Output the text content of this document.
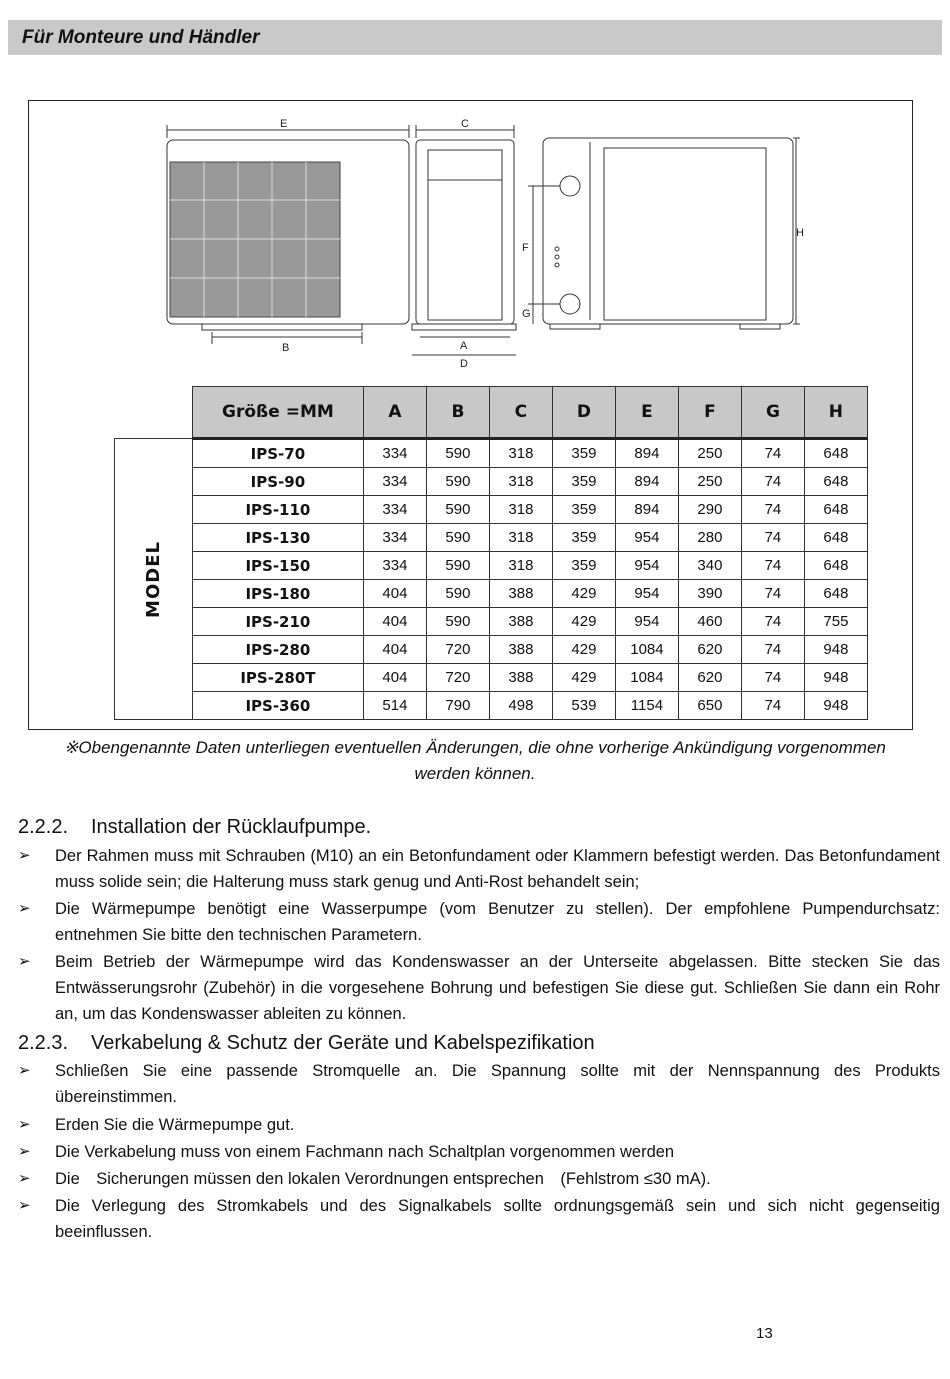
Für Monteure und Händler
E	C
B	A
D
F
G
H
	Größe =MM	A	B	C	D	E	F	G	H
MODEL	IPS-70	334	590	318	359	894	250	74	648
	IPS-90	334	590	318	359	894	250	74	648
	IPS-110	334	590	318	359	894	290	74	648
	IPS-130	334	590	318	359	954	280	74	648
	IPS-150	334	590	318	359	954	340	74	648
	IPS-180	404	590	388	429	954	390	74	648
	IPS-210	404	590	388	429	954	460	74	755
	IPS-280	404	720	388	429	1084	620	74	948
	IPS-280T	404	720	388	429	1084	620	74	948
	IPS-360	514	790	498	539	1154	650	74	948
※Obengenannte Daten unterliegen eventuellen Änderungen, die ohne vorherige Ankündigung vorgenommen
werden können.
2.2.2. Installation der Rücklaufpumpe.
➢	Der Rahmen muss mit Schrauben (M10) an ein Betonfundament oder Klammern befestigt werden. Das Betonfundament muss solide sein; die Halterung muss stark genug und Anti-Rost behandelt sein;
➢	Die Wärmepumpe benötigt eine Wasserpumpe (vom Benutzer zu stellen). Der empfohlene Pumpendurchsatz: entnehmen Sie bitte den technischen Parametern.
➢	Beim Betrieb der Wärmepumpe wird das Kondenswasser an der Unterseite abgelassen. Bitte stecken Sie das Entwässerungsrohr (Zubehör) in die vorgesehene Bohrung und befestigen Sie diese gut. Schließen Sie dann ein Rohr an, um das Kondenswasser ableiten zu können.
2.2.3. Verkabelung & Schutz der Geräte und Kabelspezifikation
➢	Schließen Sie eine passende Stromquelle an. Die Spannung sollte mit der Nennspannung des Produkts übereinstimmen.
➢	Erden Sie die Wärmepumpe gut.
➢	Die Verkabelung muss von einem Fachmann nach Schaltplan vorgenommen werden
➢	Die　Sicherungen müssen den lokalen Verordnungen entsprechen　(Fehlstrom ≤30 mA).
➢	Die Verlegung des Stromkabels und des Signalkabels sollte ordnungsgemäß sein und sich nicht gegenseitig beeinflussen.
13
